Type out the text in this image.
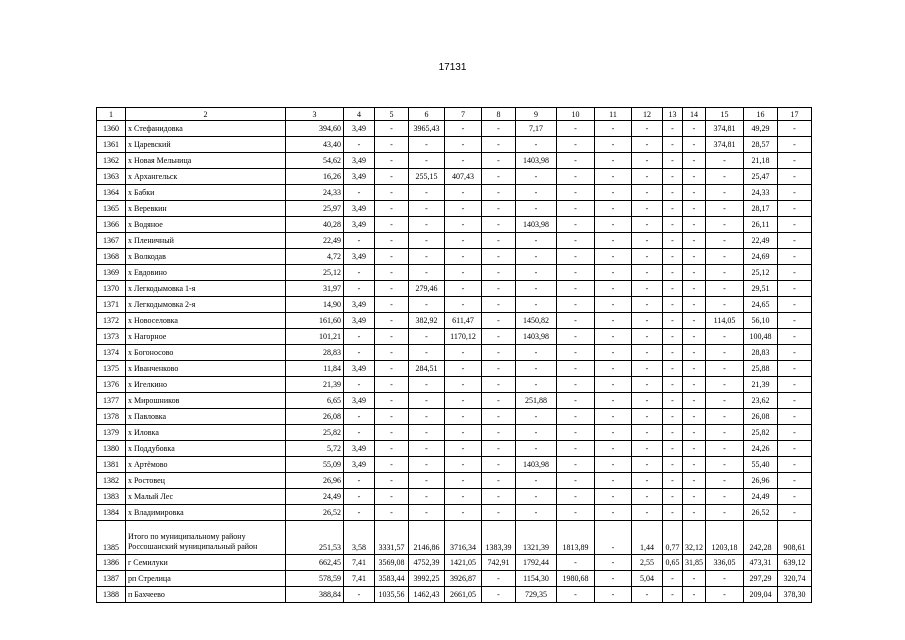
17131
1	2	3	4	5	6	7	8	9	10	11	12	13	14	15	16	17
1360	х Стефанидовка	394,60	3,49	-	3965,43	-	-	7,17	-	-	-	-	-	374,81	49,29	-
1361	х Царевский	43,40	-	-	-	-	-	-	-	-	-	-	-	374,81	28,57	-
1362	х Новая Мельница	54,62	3,49	-	-	-	-	1403,98	-	-	-	-	-	-	21,18	-
1363	х Архангельск	16,26	3,49	-	255,15	407,43	-	-	-	-	-	-	-	-	25,47	-
1364	х Бабки	24,33	-	-	-	-	-	-	-	-	-	-	-	-	24,33	-
1365	х Веревкин	25,97	3,49	-	-	-	-	-	-	-	-	-	-	-	28,17	-
1366	х Водяное	40,28	3,49	-	-	-	-	1403,98	-	-	-	-	-	-	26,11	-
1367	х Пленичный	22,49	-	-	-	-	-	-	-	-	-	-	-	-	22,49	-
1368	х Волкодав	4,72	3,49	-	-	-	-	-	-	-	-	-	-	-	24,69	-
1369	х Евдовино	25,12	-	-	-	-	-	-	-	-	-	-	-	-	25,12	-
1370	х Легкодымовка 1-я	31,97	-	-	279,46	-	-	-	-	-	-	-	-	-	29,51	-
1371	х Легкодымовка 2-я	14,90	3,49	-	-	-	-	-	-	-	-	-	-	-	24,65	-
1372	х Новоселовка	161,60	3,49	-	382,92	611,47	-	1450,82	-	-	-	-	-	114,05	56,10	-
1373	х Нагорное	101,21	-	-	-	1170,12	-	1403,98	-	-	-	-	-	-	100,48	-
1374	х Богоносово	28,83	-	-	-	-	-	-	-	-	-	-	-	-	28,83	-
1375	х Иванченково	11,84	3,49	-	284,51	-	-	-	-	-	-	-	-	-	25,88	-
1376	х Игелкино	21,39	-	-	-	-	-	-	-	-	-	-	-	-	21,39	-
1377	х Мирошников	6,65	3,49	-	-	-	-	251,88	-	-	-	-	-	-	23,62	-
1378	х Павловка	26,08	-	-	-	-	-	-	-	-	-	-	-	-	26,08	-
1379	х Иловка	25,82	-	-	-	-	-	-	-	-	-	-	-	-	25,82	-
1380	х Поддубовка	5,72	3,49	-	-	-	-	-	-	-	-	-	-	-	24,26	-
1381	х Артёмово	55,09	3,49	-	-	-	-	1403,98	-	-	-	-	-	-	55,40	-
1382	х Ростовец	26,96	-	-	-	-	-	-	-	-	-	-	-	-	26,96	-
1383	х Малый Лес	24,49	-	-	-	-	-	-	-	-	-	-	-	-	24,49	-
1384	х Владимировка	26,52	-	-	-	-	-	-	-	-	-	-	-	-	26,52	-
1385	Итого по муниципальному району Россошанский муниципальный район	251,53	3,58	3331,57	2146,86	3716,34	1383,39	1321,39	1813,89	-	1,44	0,77	32,12	1203,18	242,28	908,61
1386	г Семилуки	662,45	7,41	3569,08	4752,39	1421,05	742,91	1792,44	-	-	2,55	0,65	31,85	336,05	473,31	639,12
1387	рп Стрелица	578,59	7,41	3583,44	3992,25	3926,87	-	1154,30	1980,68	-	5,04	-	-	-	297,29	320,74
1388	п Бахчеево	388,84	-	1035,56	1462,43	2661,05	-	729,35	-	-	-	-	-	-	209,04	378,30
